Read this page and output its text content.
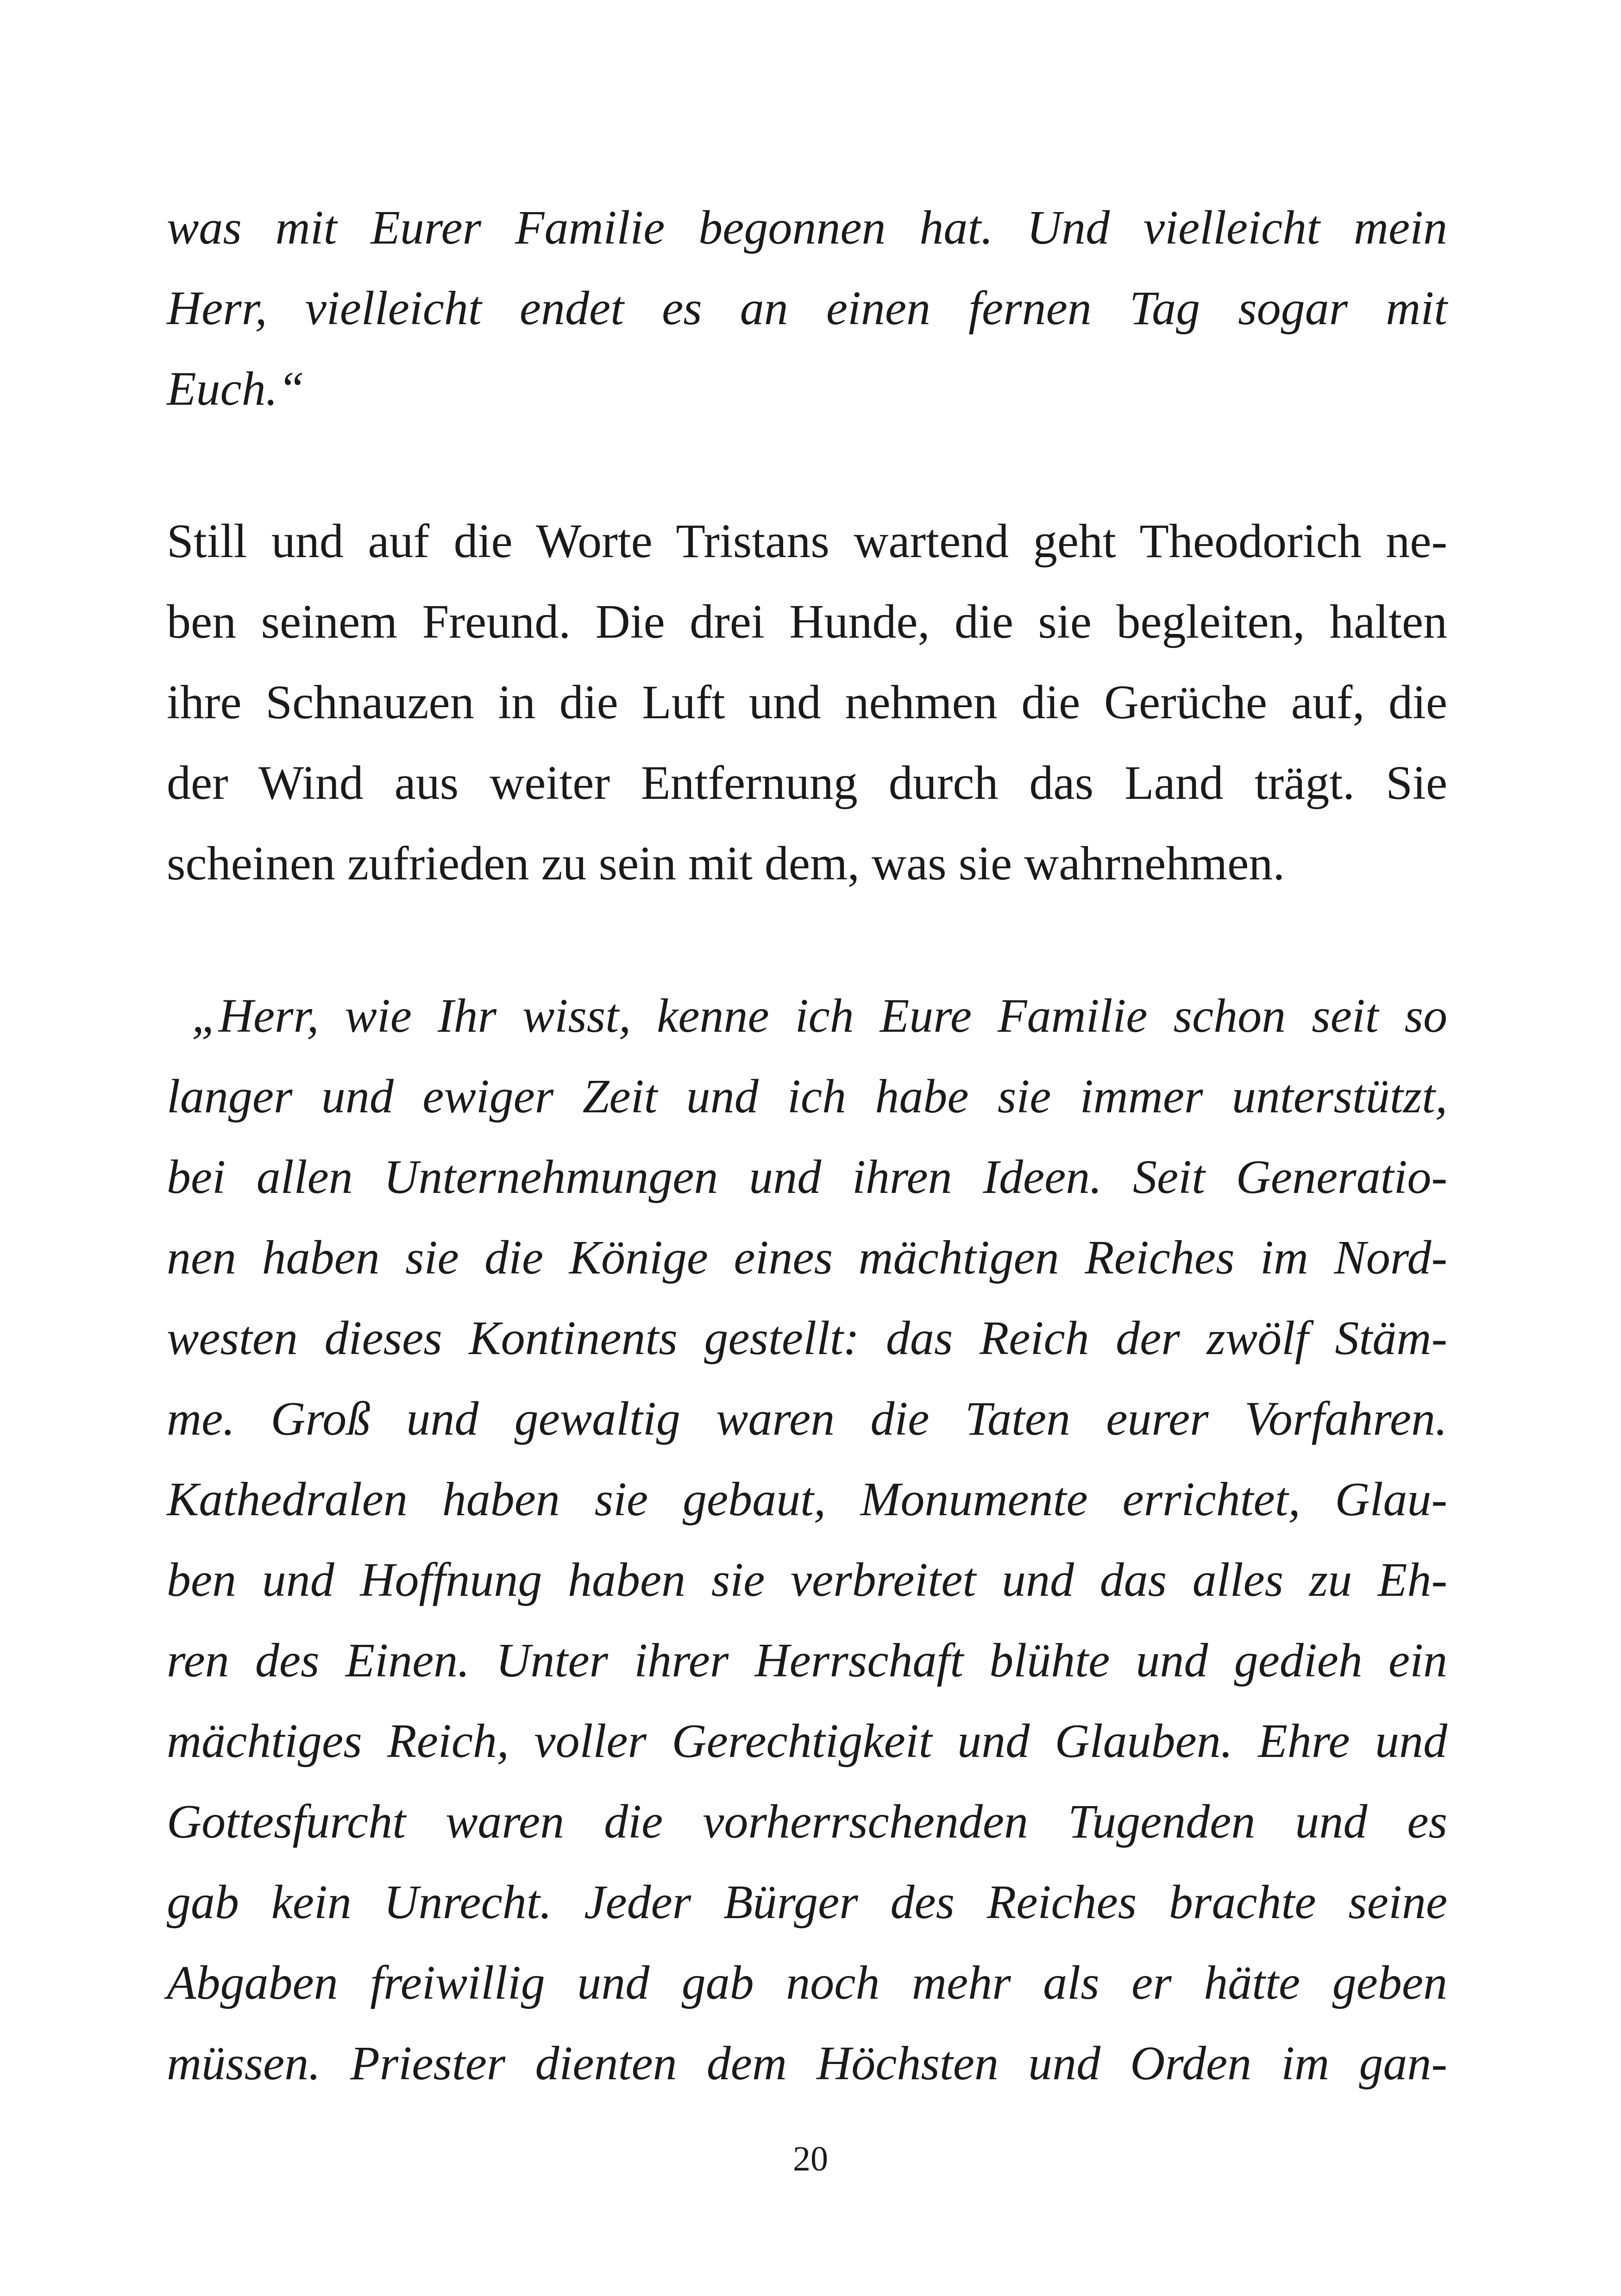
was mit Eurer Familie begonnen hat. Und vielleicht mein
Herr, vielleicht endet es an einen fernen Tag sogar mit
Euch.“
Still und auf die Worte Tristans wartend geht Theodorich ne-
ben seinem Freund. Die drei Hunde, die sie begleiten, halten
ihre Schnauzen in die Luft und nehmen die Gerüche auf, die
der Wind aus weiter Entfernung durch das Land trägt. Sie
scheinen zufrieden zu sein mit dem, was sie wahrnehmen.
„Herr, wie Ihr wisst, kenne ich Eure Familie schon seit so
langer und ewiger Zeit und ich habe sie immer unterstützt,
bei allen Unternehmungen und ihren Ideen. Seit Generatio-
nen haben sie die Könige eines mächtigen Reiches im Nord-
westen dieses Kontinents gestellt: das Reich der zwölf Stäm-
me. Groß und gewaltig waren die Taten eurer Vorfahren.
Kathedralen haben sie gebaut, Monumente errichtet, Glau-
ben und Hoffnung haben sie verbreitet und das alles zu Eh-
ren des Einen. Unter ihrer Herrschaft blühte und gedieh ein
mächtiges Reich, voller Gerechtigkeit und Glauben. Ehre und
Gottesfurcht waren die vorherrschenden Tugenden und es
gab kein Unrecht. Jeder Bürger des Reiches brachte seine
Abgaben freiwillig und gab noch mehr als er hätte geben
müssen. Priester dienten dem Höchsten und Orden im gan-
20
